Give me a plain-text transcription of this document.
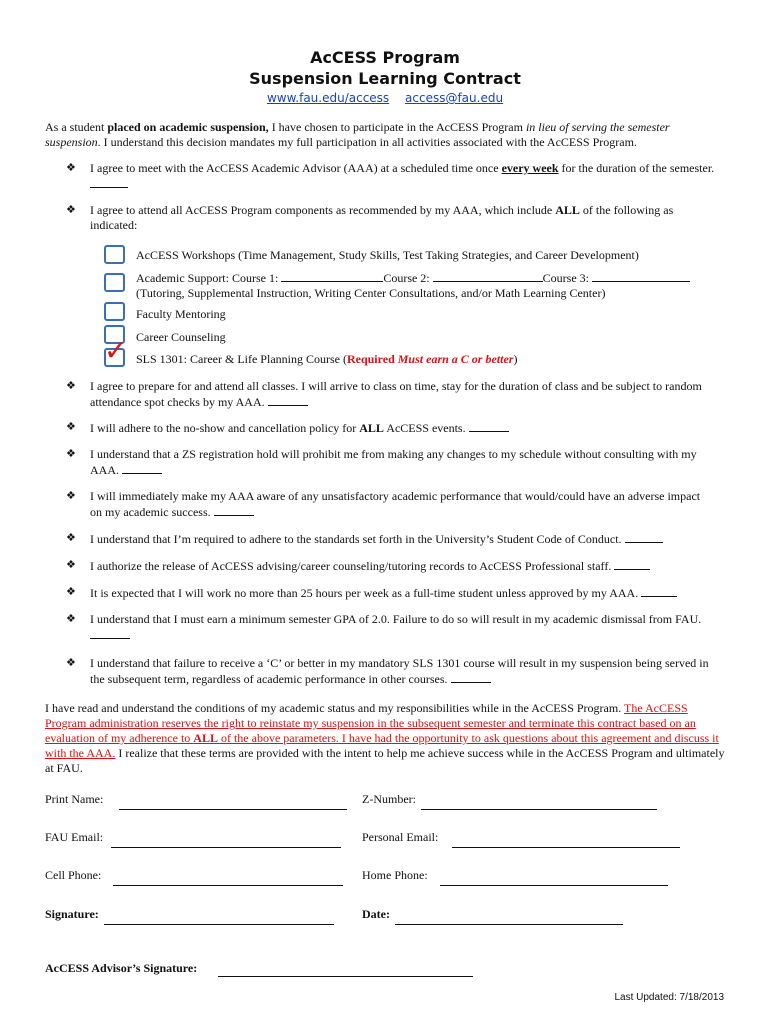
AcCESS Program
Suspension Learning Contract
www.fau.edu/access access@fau.edu
As a student placed on academic suspension, I have chosen to participate in the AcCESS Program in lieu of serving the semester suspension. I understand this decision mandates my full participation in all activities associated with the AcCESS Program.
❖ I agree to meet with the AcCESS Academic Advisor (AAA) at a scheduled time once every week for the duration of the semester.
❖ I agree to attend all AcCESS Program components as recommended by my AAA, which include ALL of the following as indicated:
AcCESS Workshops (Time Management, Study Skills, Test Taking Strategies, and Career Development)
Academic Support: Course 1:	Course 2:	Course 3:
(Tutoring, Supplemental Instruction, Writing Center Consultations, and/or Math Learning Center)
Faculty Mentoring
Career Counseling
✓ SLS 1301: Career & Life Planning Course (Required Must earn a C or better)
❖ I agree to prepare for and attend all classes. I will arrive to class on time, stay for the duration of class and be subject to random attendance spot checks by my AAA.
❖ I will adhere to the no-show and cancellation policy for ALL AcCESS events.
❖ I understand that a ZS registration hold will prohibit me from making any changes to my schedule without consulting with my AAA.
❖ I will immediately make my AAA aware of any unsatisfactory academic performance that would/could have an adverse impact on my academic success.
❖ I understand that I’m required to adhere to the standards set forth in the University’s Student Code of Conduct.
❖ I authorize the release of AcCESS advising/career counseling/tutoring records to AcCESS Professional staff.
❖ It is expected that I will work no more than 25 hours per week as a full-time student unless approved by my AAA.
❖ I understand that I must earn a minimum semester GPA of 2.0. Failure to do so will result in my academic dismissal from FAU.
❖ I understand that failure to receive a ‘C’ or better in my mandatory SLS 1301 course will result in my suspension being served in the subsequent term, regardless of academic performance in other courses.
I have read and understand the conditions of my academic status and my responsibilities while in the AcCESS Program. The AcCESS Program administration reserves the right to reinstate my suspension in the subsequent semester and terminate this contract based on an evaluation of my adherence to ALL of the above parameters. I have had the opportunity to ask questions about this agreement and discuss it with the AAA. I realize that these terms are provided with the intent to help me achieve success while in the AcCESS Program and ultimately at FAU.
Print Name:	Z-Number:
FAU Email:	Personal Email:
Cell Phone:	Home Phone:
Signature:	Date:
AcCESS Advisor’s Signature:
Last Updated: 7/18/2013
